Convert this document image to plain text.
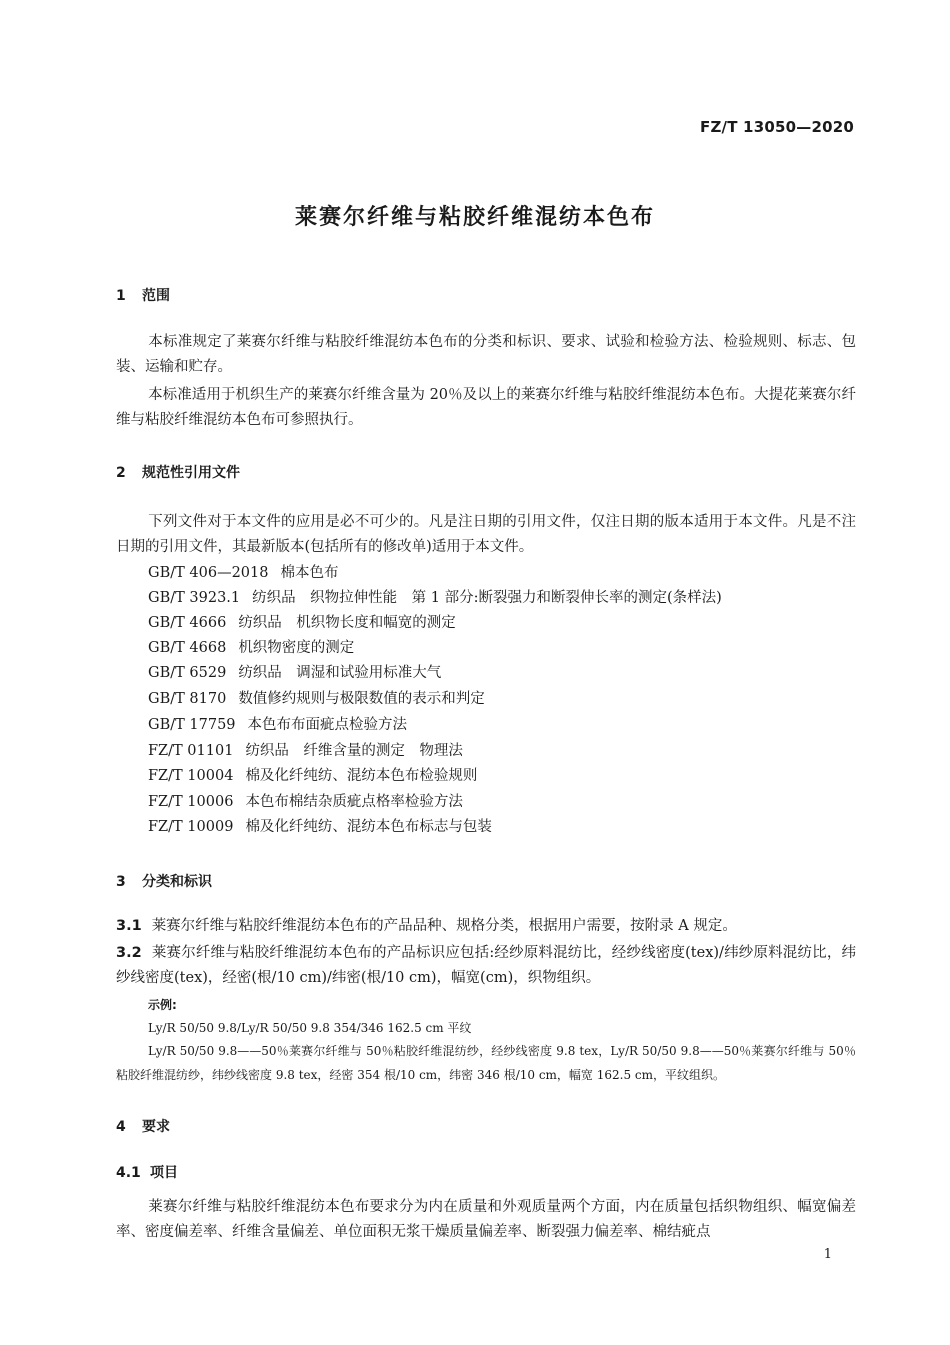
FZ/T 13050—2020
莱赛尔纤维与粘胶纤维混纺本色布
1 范围
本标准规定了莱赛尔纤维与粘胶纤维混纺本色布的分类和标识、要求、试验和检验方法、检验规则、标志、包装、运输和贮存。
本标准适用于机织生产的莱赛尔纤维含量为 20％及以上的莱赛尔纤维与粘胶纤维混纺本色布。大提花莱赛尔纤维与粘胶纤维混纺本色布可参照执行。
2 规范性引用文件
下列文件对于本文件的应用是必不可少的。凡是注日期的引用文件，仅注日期的版本适用于本文件。凡是不注日期的引用文件，其最新版本(包括所有的修改单)适用于本文件。
GB/T 406—2018 棉本色布
GB/T 3923.1 纺织品　织物拉伸性能　第 1 部分:断裂强力和断裂伸长率的测定(条样法)
GB/T 4666 纺织品　机织物长度和幅宽的测定
GB/T 4668 机织物密度的测定
GB/T 6529 纺织品　调湿和试验用标准大气
GB/T 8170 数值修约规则与极限数值的表示和判定
GB/T 17759 本色布布面疵点检验方法
FZ/T 01101 纺织品　纤维含量的测定　物理法
FZ/T 10004 棉及化纤纯纺、混纺本色布检验规则
FZ/T 10006 本色布棉结杂质疵点格率检验方法
FZ/T 10009 棉及化纤纯纺、混纺本色布标志与包装
3 分类和标识
3.1 莱赛尔纤维与粘胶纤维混纺本色布的产品品种、规格分类，根据用户需要，按附录 A 规定。
3.2 莱赛尔纤维与粘胶纤维混纺本色布的产品标识应包括:经纱原料混纺比，经纱线密度(tex)/纬纱原料混纺比，纬纱线密度(tex)，经密(根/10 cm)/纬密(根/10 cm)，幅宽(cm)，织物组织。
示例:
Ly/R 50/50 9.8/Ly/R 50/50 9.8 354/346 162.5 cm 平纹
Ly/R 50/50 9.8——50％莱赛尔纤维与 50％粘胶纤维混纺纱，经纱线密度 9.8 tex，Ly/R 50/50 9.8——50％莱赛尔纤维与 50％粘胶纤维混纺纱，纬纱线密度 9.8 tex，经密 354 根/10 cm，纬密 346 根/10 cm，幅宽 162.5 cm，平纹组织。
4 要求
4.1 项目
莱赛尔纤维与粘胶纤维混纺本色布要求分为内在质量和外观质量两个方面，内在质量包括织物组织、幅宽偏差率、密度偏差率、纤维含量偏差、单位面积无浆干燥质量偏差率、断裂强力偏差率、棉结疵点
1
